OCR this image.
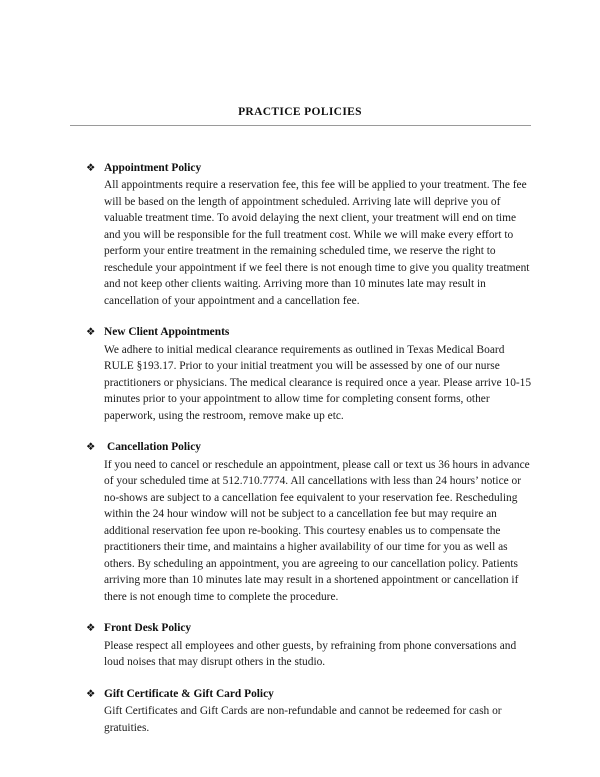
PRACTICE POLICIES
❖ Appointment Policy

All appointments require a reservation fee, this fee will be applied to your treatment. The fee will be based on the length of appointment scheduled. Arriving late will deprive you of valuable treatment time. To avoid delaying the next client, your treatment will end on time and you will be responsible for the full treatment cost. While we will make every effort to perform your entire treatment in the remaining scheduled time, we reserve the right to reschedule your appointment if we feel there is not enough time to give you quality treatment and not keep other clients waiting. Arriving more than 10 minutes late may result in cancellation of your appointment and a cancellation fee.

❖ New Client Appointments

We adhere to initial medical clearance requirements as outlined in Texas Medical Board RULE §193.17. Prior to your initial treatment you will be assessed by one of our nurse practitioners or physicians. The medical clearance is required once a year. Please arrive 10-15 minutes prior to your appointment to allow time for completing consent forms, other paperwork, using the restroom, remove make up etc.

❖	Cancellation Policy

If you need to cancel or reschedule an appointment, please call or text us 36 hours in advance of your scheduled time at 512.710.7774. All cancellations with less than 24 hours’ notice or no-shows are subject to a cancellation fee equivalent to your reservation fee. Rescheduling within the 24 hour window will not be subject to a cancellation fee but may require an additional reservation fee upon re-booking. This courtesy enables us to compensate the practitioners their time, and maintains a higher availability of our time for you as well as others. By scheduling an appointment, you are agreeing to our cancellation policy. Patients arriving more than 10 minutes late may result in a shortened appointment or cancellation if there is not enough time to complete the procedure.

❖ Front Desk Policy

Please respect all employees and other guests, by refraining from phone conversations and loud noises that may disrupt others in the studio.

❖ Gift Certificate & Gift Card Policy

Gift Certificates and Gift Cards are non-refundable and cannot be redeemed for cash or gratuities.
